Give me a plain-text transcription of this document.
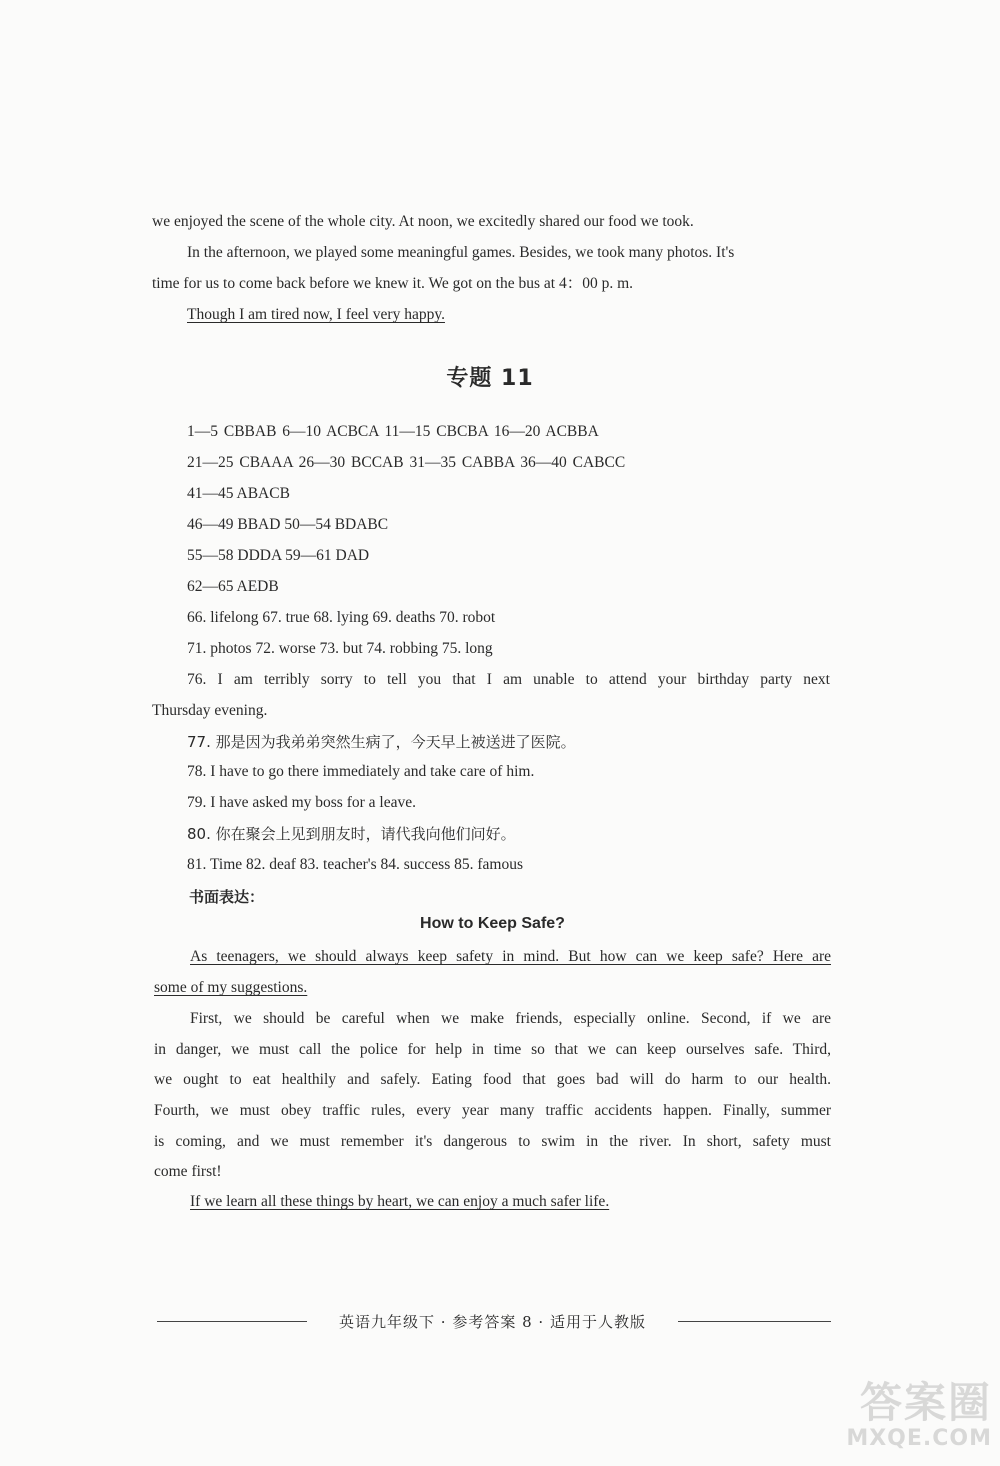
we enjoyed the scene of the whole city. At noon, we excitedly shared our food we took.
In the afternoon, we played some meaningful games. Besides, we took many photos. It's
time for us to come back before we knew it. We got on the bus at 4：00 p. m.
Though I am tired now, I feel very happy.
专题 11
1—5 CBBAB 6—10 ACBCA 11—15 CBCBA 16—20 ACBBA
21—25 CBAAA 26—30 BCCAB 31—35 CABBA 36—40 CABCC
41—45 ABACB
46—49 BBAD 50—54 BDABC
55—58 DDDA 59—61 DAD
62—65 AEDB
66. lifelong 67. true 68. lying 69. deaths 70. robot
71. photos 72. worse 73. but 74. robbing 75. long
76. I am terribly sorry to tell you that I am unable to attend your birthday party next
Thursday evening.
77. 那是因为我弟弟突然生病了，今天早上被送进了医院。
78. I have to go there immediately and take care of him.
79. I have asked my boss for a leave.
80. 你在聚会上见到朋友时，请代我向他们问好。
81. Time 82. deaf 83. teacher's 84. success 85. famous
书面表达：
How to Keep Safe?
As teenagers, we should always keep safety in mind. But how can we keep safe? Here are
some of my suggestions.
First, we should be careful when we make friends, especially online. Second, if we are
in danger, we must call the police for help in time so that we can keep ourselves safe. Third,
we ought to eat healthily and safely. Eating food that goes bad will do harm to our health.
Fourth, we must obey traffic rules, every year many traffic accidents happen. Finally, summer
is coming, and we must remember it's dangerous to swim in the river. In short, safety must
come first!
If we learn all these things by heart, we can enjoy a much safer life.
英语九年级下 · 参考答案 8 · 适用于人教版
答案圈
MXQE.COM
